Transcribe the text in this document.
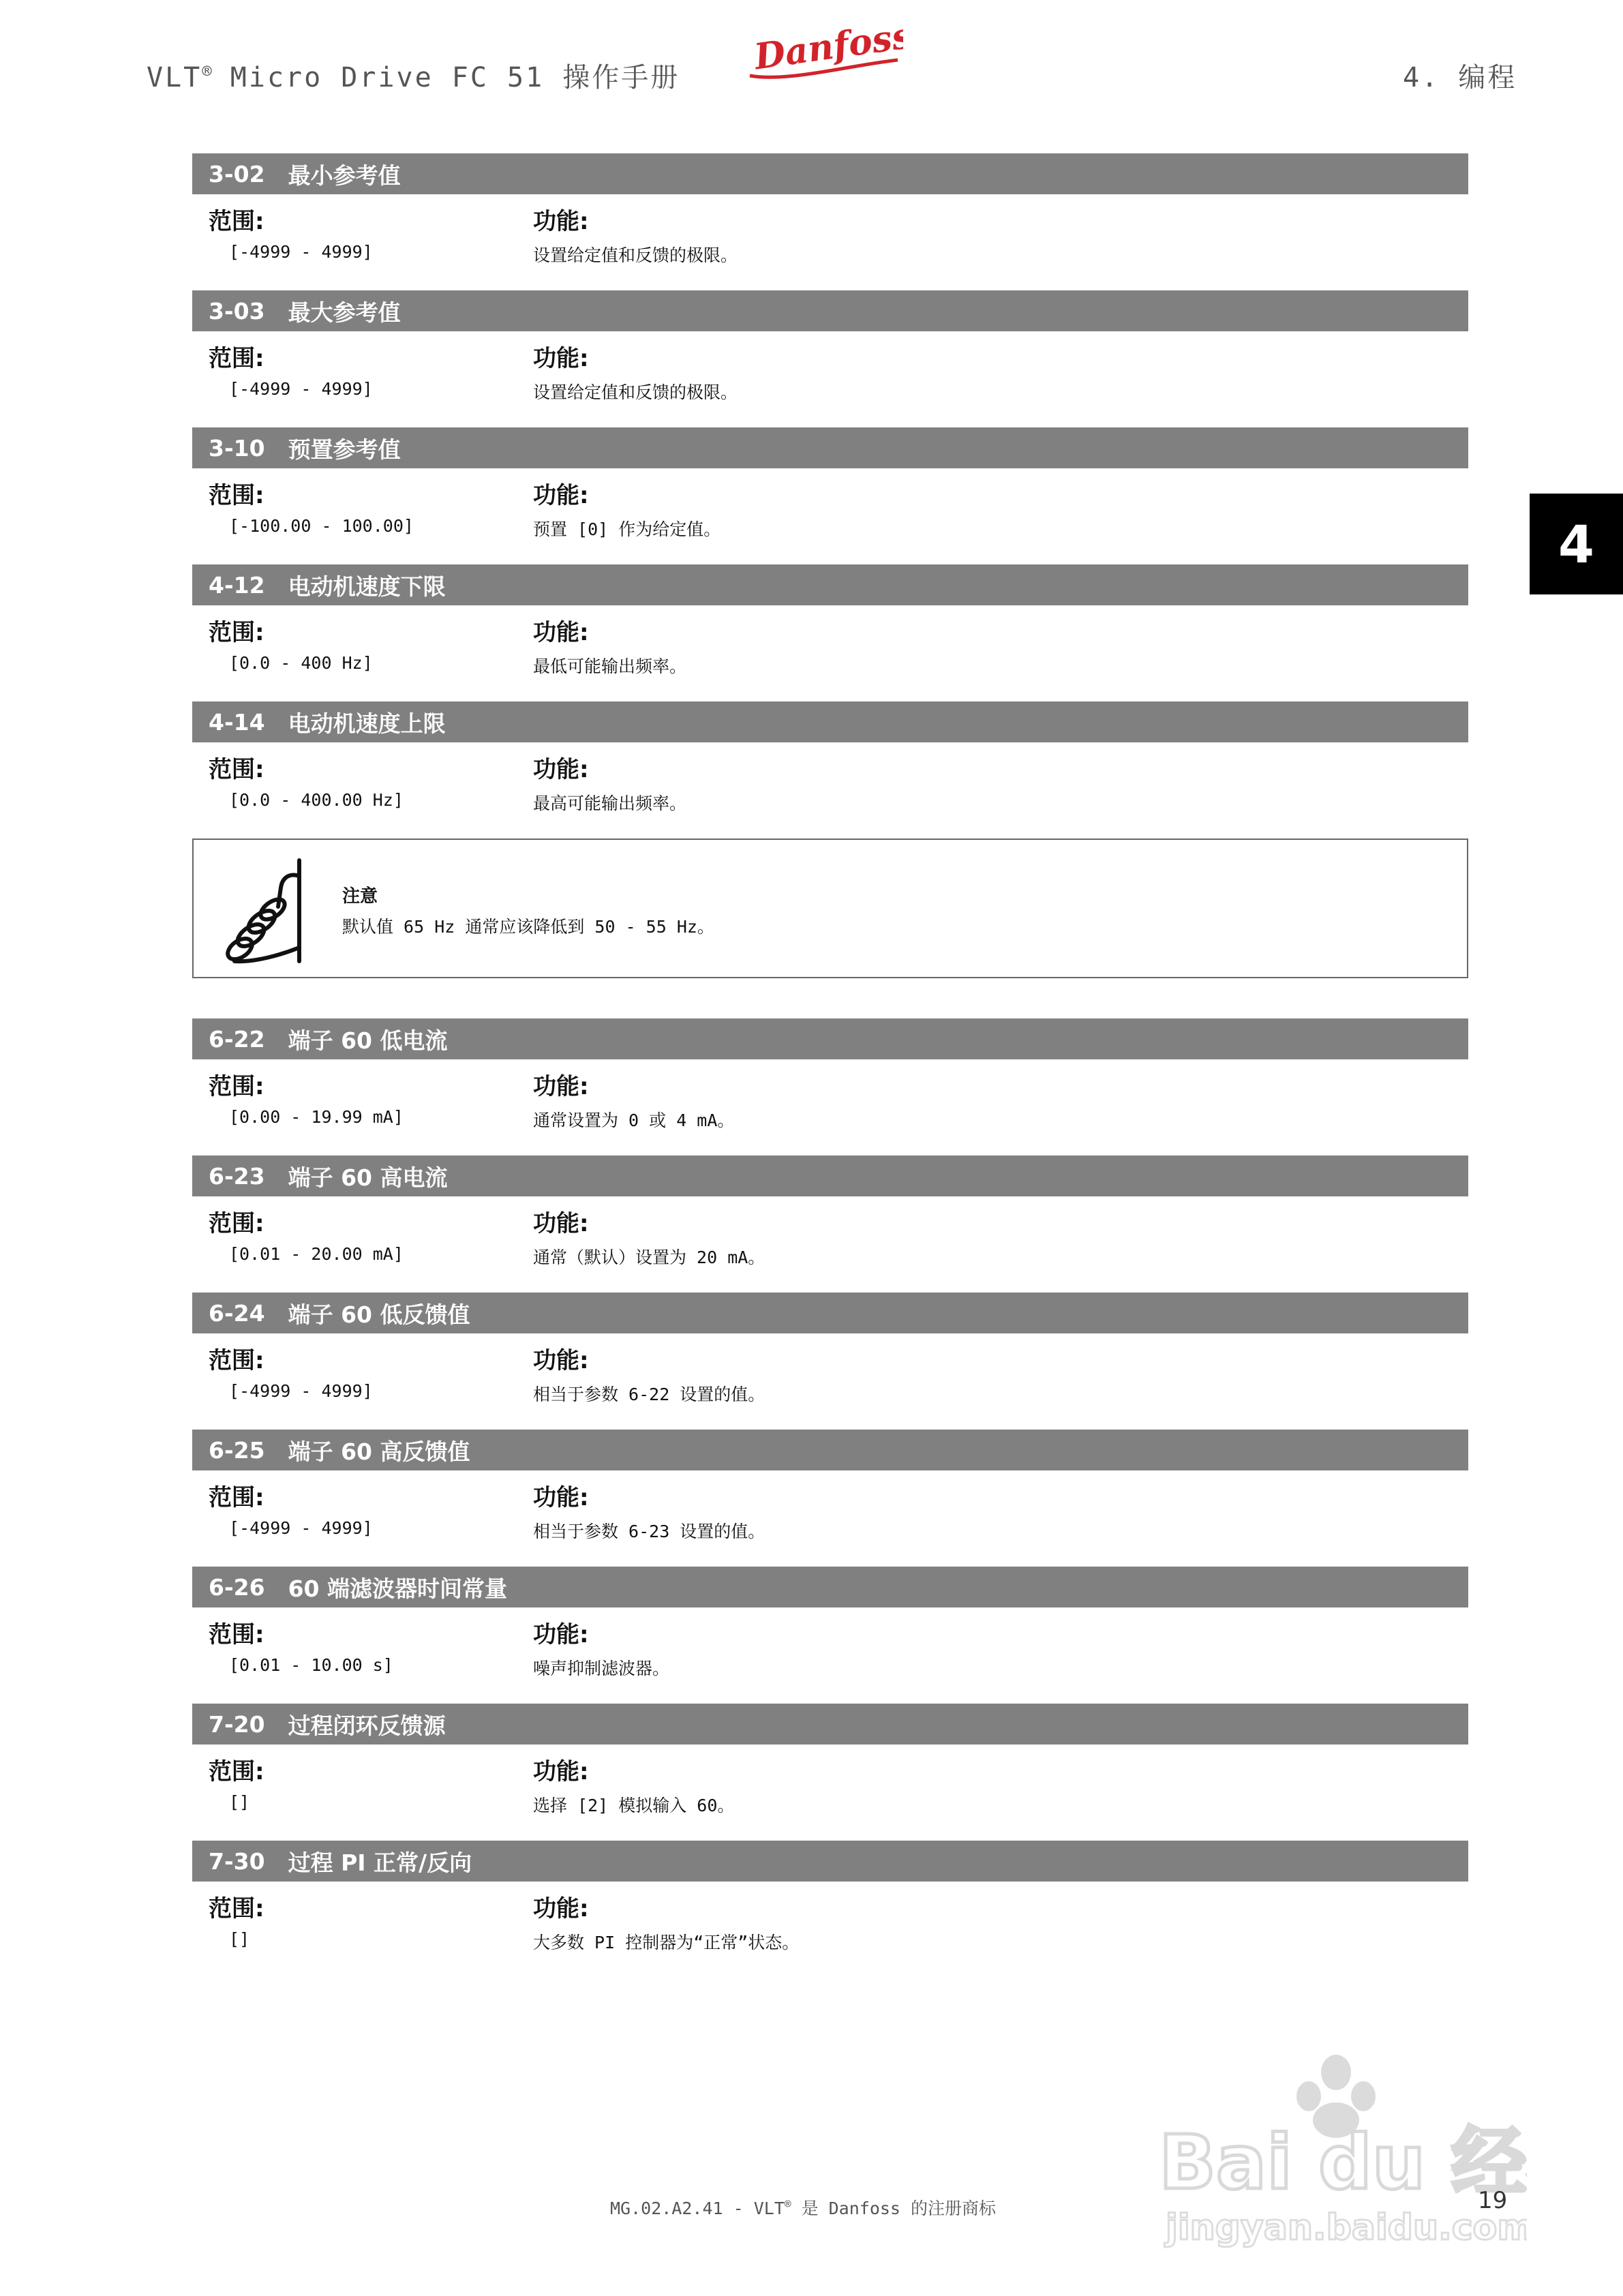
VLT® Micro Drive FC 51 操作手册 Danfoss	4. 编程
4
3-02 最小参考值
范围:	功能:
[-4999 - 4999]	设置给定值和反馈的极限。
3-03 最大参考值
范围:	功能:
[-4999 - 4999]	设置给定值和反馈的极限。
3-10 预置参考值
范围:	功能:
[-100.00 - 100.00]	预置 [0] 作为给定值。
4-12 电动机速度下限
范围:	功能:
[0.0 - 400 Hz]	最低可能输出频率。
4-14 电动机速度上限
范围:	功能:
[0.0 - 400.00 Hz]	最高可能输出频率。
注意
默认值 65 Hz 通常应该降低到 50 - 55 Hz。
6-22 端子 60 低电流
范围:	功能:
[0.00 - 19.99 mA]	通常设置为 0 或 4 mA。
6-23 端子 60 高电流
范围:	功能:
[0.01 - 20.00 mA]	通常（默认）设置为 20 mA。
6-24 端子 60 低反馈值
范围:	功能:
[-4999 - 4999]	相当于参数 6-22 设置的值。
6-25 端子 60 高反馈值
范围:	功能:
[-4999 - 4999]	相当于参数 6-23 设置的值。
6-26 60 端滤波器时间常量
范围:	功能:
[0.01 - 10.00 s]	噪声抑制滤波器。
7-20 过程闭环反馈源
范围:	功能:
[]	选择 [2] 模拟输入 60。
7-30 过程 PI 正常/反向
范围:	功能:
[]	大多数 PI 控制器为“正常”状态。
Bai du 经
jingyan.baidu.com
MG.02.A2.41 - VLT® 是 Danfoss 的注册商标	19
